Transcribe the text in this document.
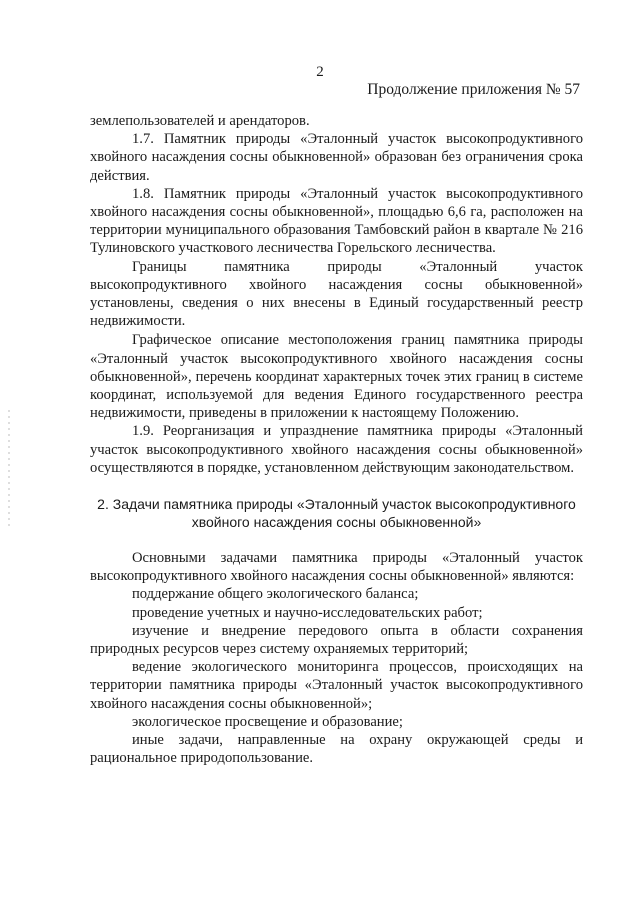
2
Продолжение приложения № 57

землепользователей и арендаторов.

1.7. Памятник природы «Эталонный участок высокопродуктивного хвойного насаждения сосны обыкновенной» образован без ограничения срока действия.

1.8. Памятник природы «Эталонный участок высокопродуктивного хвойного насаждения сосны обыкновенной», площадью 6,6 га, расположен на территории муниципального образования Тамбовский район в квартале № 216 Тулиновского участкового лесничества Горельского лесничества.

Границы памятника природы «Эталонный участок высокопродуктивного хвойного насаждения сосны обыкновенной» установлены, сведения о них внесены в Единый государственный реестр недвижимости.

Графическое описание местоположения границ памятника природы «Эталонный участок высокопродуктивного хвойного насаждения сосны обыкновенной», перечень координат характерных точек этих границ в системе координат, используемой для ведения Единого государственного реестра недвижимости, приведены в приложении к настоящему Положению.

1.9. Реорганизация и упразднение памятника природы «Эталонный участок высокопродуктивного хвойного насаждения сосны обыкновенной» осуществляются в порядке, установленном действующим законодательством.

2. Задачи памятника природы «Эталонный участок высокопродуктивного хвойного насаждения сосны обыкновенной»

Основными задачами памятника природы «Эталонный участок высокопродуктивного хвойного насаждения сосны обыкновенной» являются:

поддержание общего экологического баланса;

проведение учетных и научно-исследовательских работ;

изучение и внедрение передового опыта в области сохранения природных ресурсов через систему охраняемых территорий;

ведение экологического мониторинга процессов, происходящих на территории памятника природы «Эталонный участок высокопродуктивного хвойного насаждения сосны обыкновенной»;

экологическое просвещение и образование;

иные задачи, направленные на охрану окружающей среды и рациональное природопользование.
